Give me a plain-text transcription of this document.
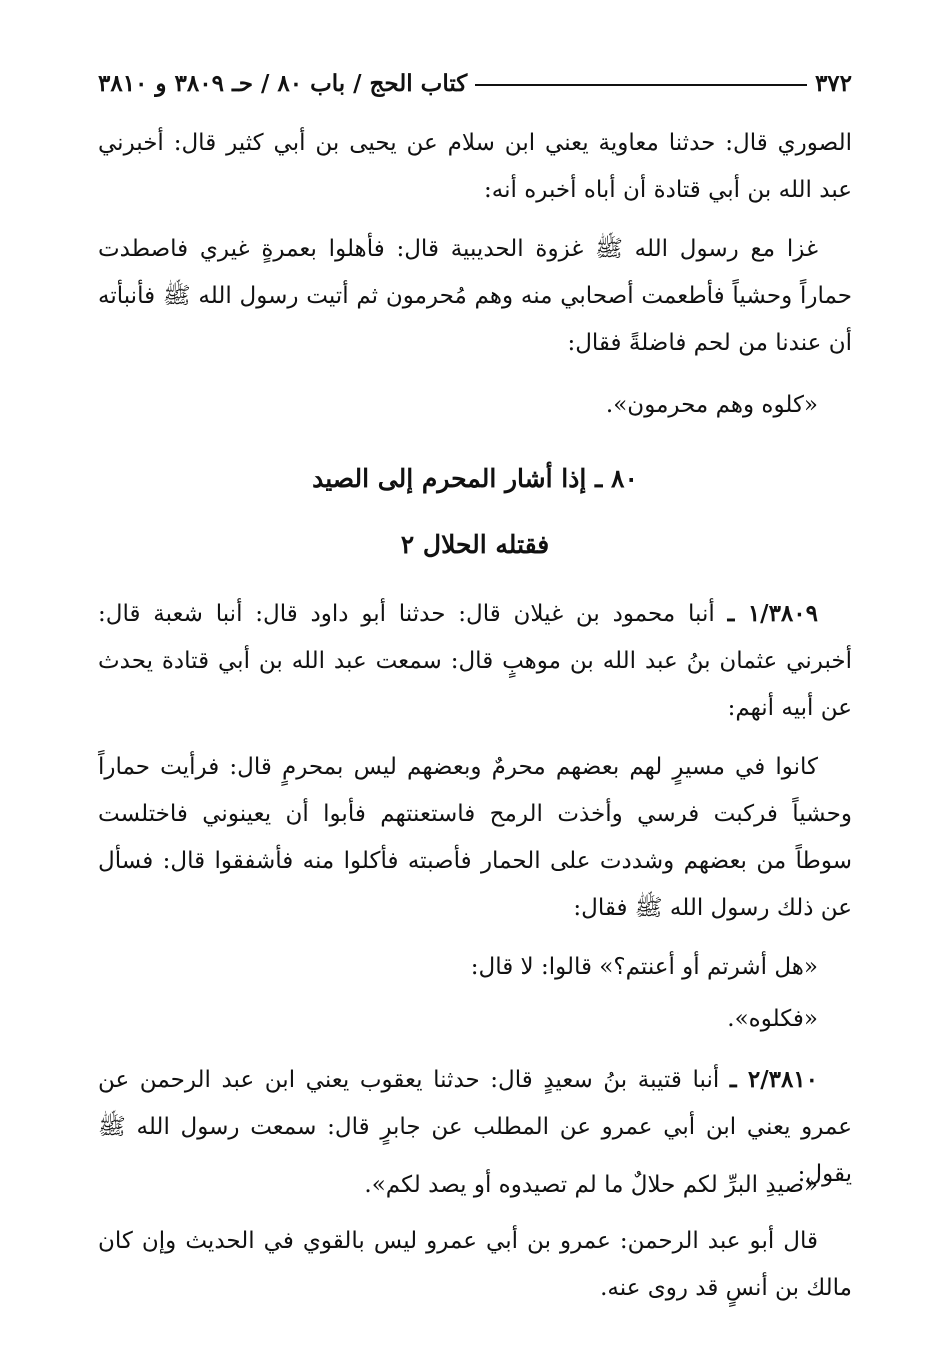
٣٧٢
كتاب الحج / باب ٨٠ / حـ ٣٨٠٩ و ٣٨١٠
الصوري قال: حدثنا معاوية يعني ابن سلام عن يحيى بن أبي كثير قال: أخبرني عبد الله بن أبي قتادة أن أباه أخبره أنه:
غزا مع رسول الله ﷺ غزوة الحديبية قال: فأهلوا بعمرةٍ غيري فاصطدت حماراً وحشياً فأطعمت أصحابي منه وهم مُحرمون ثم أتيت رسول الله ﷺ فأنبأته أن عندنا من لحم فاضلةً فقال:
«كلوه وهم محرمون».
٨٠ ـ إذا أشار المحرم إلى الصيد
فقتله الحلال ٢
١/٣٨٠٩ ـ أنبا محمود بن غيلان قال: حدثنا أبو داود قال: أنبا شعبة قال: أخبرني عثمان بنُ عبد الله بن موهبٍ قال: سمعت عبد الله بن أبي قتادة يحدث عن أبيه أنهم:
كانوا في مسيرٍ لهم بعضهم محرمٌ وبعضهم ليس بمحرمٍ قال: فرأيت حماراً وحشياً فركبت فرسي وأخذت الرمح فاستعنتهم فأبوا أن يعينوني فاختلست سوطاً من بعضهم وشددت على الحمار فأصبته فأكلوا منه فأشفقوا قال: فسأل عن ذلك رسول الله ﷺ فقال:
«هل أشرتم أو أعنتم؟» قالوا: لا قال:
«فكلوه».
٢/٣٨١٠ ـ أنبا قتيبة بنُ سعيدٍ قال: حدثنا يعقوب يعني ابن عبد الرحمن عن عمرو يعني ابن أبي عمرو عن المطلب عن جابرٍ قال: سمعت رسول الله ﷺ يقول:
«صيدِ البرِّ لكم حلالٌ ما لم تصيدوه أو يصد لكم».
قال أبو عبد الرحمن: عمرو بن أبي عمرو ليس بالقوي في الحديث وإن كان مالك بن أنسٍ قد روى عنه.
